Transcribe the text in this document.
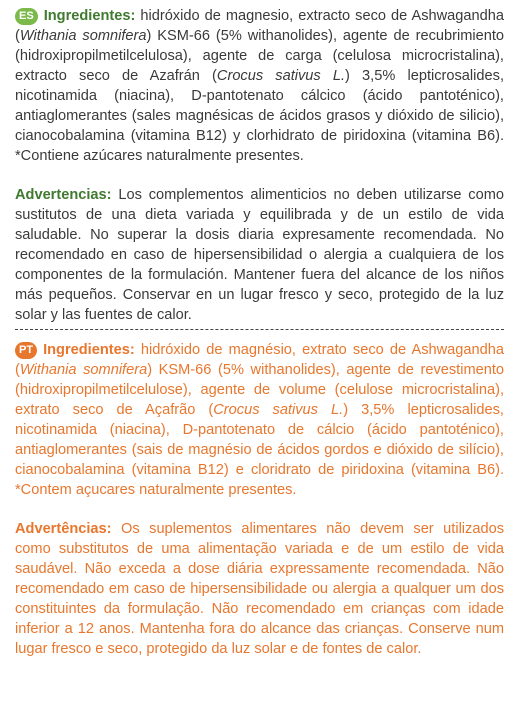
ES Ingredientes: hidróxido de magnesio, extracto seco de Ashwagandha (Withania somnifera) KSM-66 (5% withanolides), agente de recubrimiento (hidroxipropilmetilcelulosa), agente de carga (celulosa microcristalina), extracto seco de Azafrán (Crocus sativus L.) 3,5% lepticrosalides, nicotinamida (niacina), D-pantotenato cálcico (ácido pantoténico), antiaglomerantes (sales magnésicas de ácidos grasos y dióxido de silicio), cianocobalamina (vitamina B12) y clorhidrato de piridoxina (vitamina B6). *Contiene azúcares naturalmente presentes.

Advertencias: Los complementos alimenticios no deben utilizarse como sustitutos de una dieta variada y equilibrada y de un estilo de vida saludable. No superar la dosis diaria expresamente recomendada. No recomendado en caso de hipersensibilidad o alergia a cualquiera de los componentes de la formulación. Mantener fuera del alcance de los niños más pequeños. Conservar en un lugar fresco y seco, protegido de la luz solar y las fuentes de calor.

PT Ingredientes: hidróxido de magnésio, extrato seco de Ashwagandha (Withania somnifera) KSM-66 (5% withanolides), agente de revestimento (hidroxipropilmetilcelulose), agente de volume (celulose microcristalina), extrato seco de Açafrão (Crocus sativus L.) 3,5% lepticrosalides, nicotinamida (niacina), D-pantotenato de cálcio (ácido pantoténico), antiaglomerantes (sais de magnésio de ácidos gordos e dióxido de silício), cianocobalamina (vitamina B12) e cloridrato de piridoxina (vitamina B6). *Contem açucares naturalmente presentes.

Advertências: Os suplementos alimentares não devem ser utilizados como substitutos de uma alimentação variada e de um estilo de vida saudável. Não exceda a dose diária expressamente recomendada. Não recomendado em caso de hipersensibilidade ou alergia a qualquer um dos constituintes da formulação. Não recomendado em crianças com idade inferior a 12 anos. Mantenha fora do alcance das crianças. Conserve num lugar fresco e seco, protegido da luz solar e de fontes de calor.
